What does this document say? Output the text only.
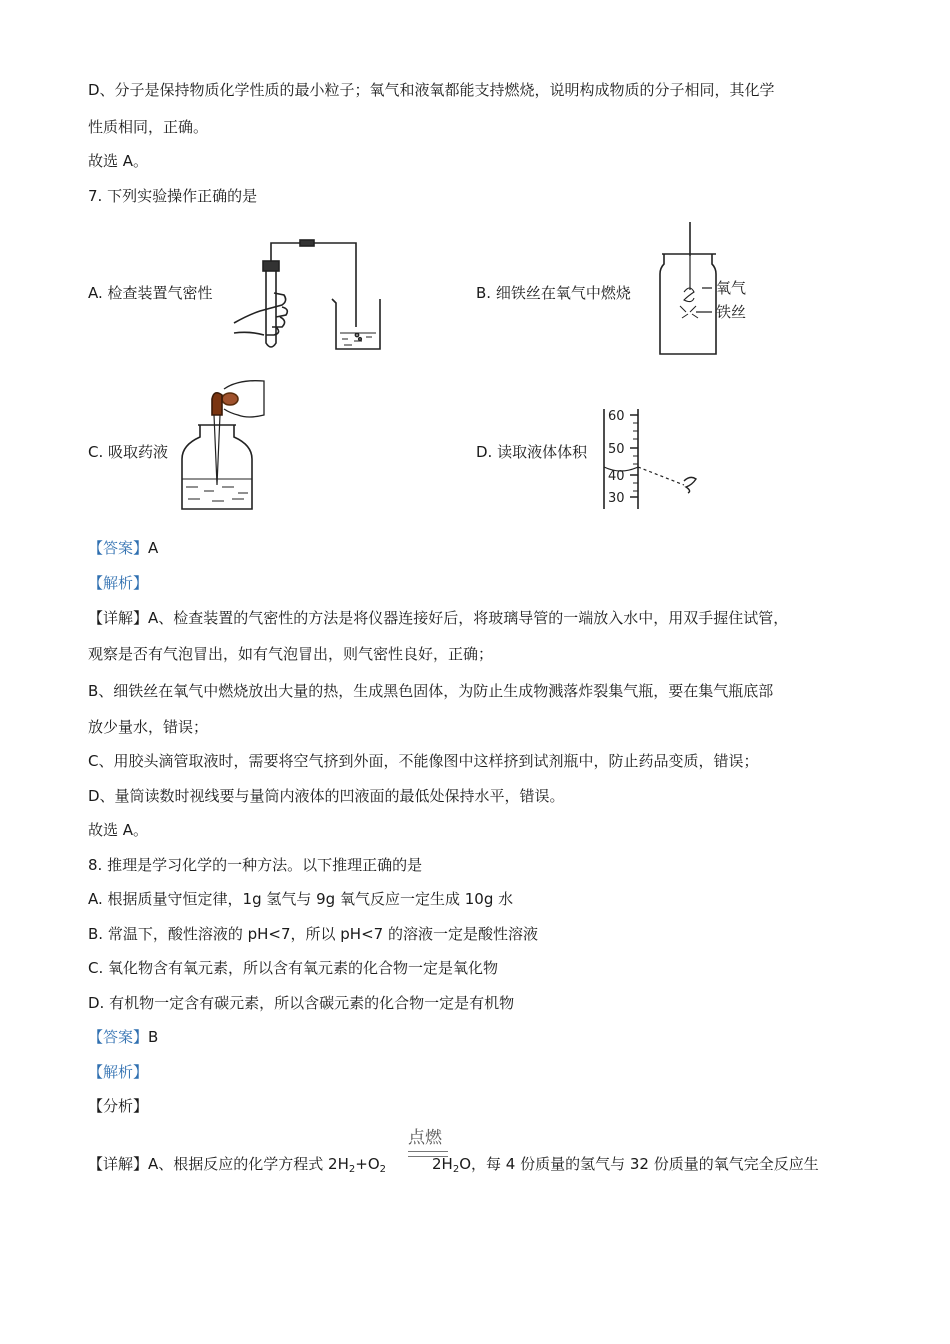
D、分子是保持物质化学性质的最小粒子；氧气和液氧都能支持燃烧，说明构成物质的分子相同，其化学
性质相同，正确。
故选 A。
7. 下列实验操作正确的是
A. 检查装置气密性	B. 细铁丝在氧气中燃烧
C. 吸取药液	D. 读取液体体积
氧气
铁丝
60
50
40
30
【答案】A
【解析】
【详解】A、检查装置的气密性的方法是将仪器连接好后，将玻璃导管的一端放入水中，用双手握住试管，
观察是否有气泡冒出，如有气泡冒出，则气密性良好，正确；
B、细铁丝在氧气中燃烧放出大量的热，生成黑色固体，为防止生成物溅落炸裂集气瓶，要在集气瓶底部
放少量水，错误；
C、用胶头滴管取液时，需要将空气挤到外面，不能像图中这样挤到试剂瓶中，防止药品变质，错误；
D、量筒读数时视线要与量筒内液体的凹液面的最低处保持水平，错误。
故选 A。
8. 推理是学习化学的一种方法。以下推理正确的是
A. 根据质量守恒定律，1g 氢气与 9g 氧气反应一定生成 10g 水
B. 常温下，酸性溶液的 pH<7，所以 pH<7 的溶液一定是酸性溶液
C. 氧化物含有氧元素，所以含有氧元素的化合物一定是氧化物
D. 有机物一定含有碳元素，所以含碳元素的化合物一定是有机物
【答案】B
【解析】
【分析】
点燃
【详解】A、根据反应的化学方程式 $2H_2+O_2$	$2H_2O$，每 4 份质量的氢气与 32 份质量的氧气完全反应生
